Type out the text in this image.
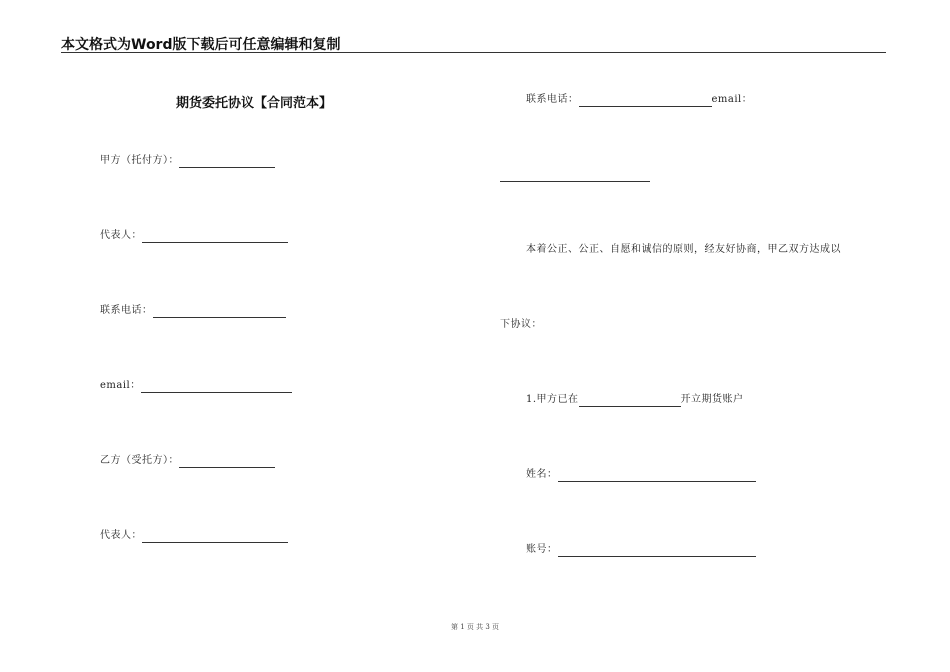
本文格式为Word版下载后可任意编辑和复制
期货委托协议【合同范本】
甲方（托付方）：
代表人：
联系电话：
email：
乙方（受托方）：
代表人：
联系电话：	email：
本着公正、公正、自愿和诚信的原则，经友好协商，甲乙双方达成以
下协议：
1.甲方已在	开立期货账户
姓名：
账号：
第 1 页 共 3 页
